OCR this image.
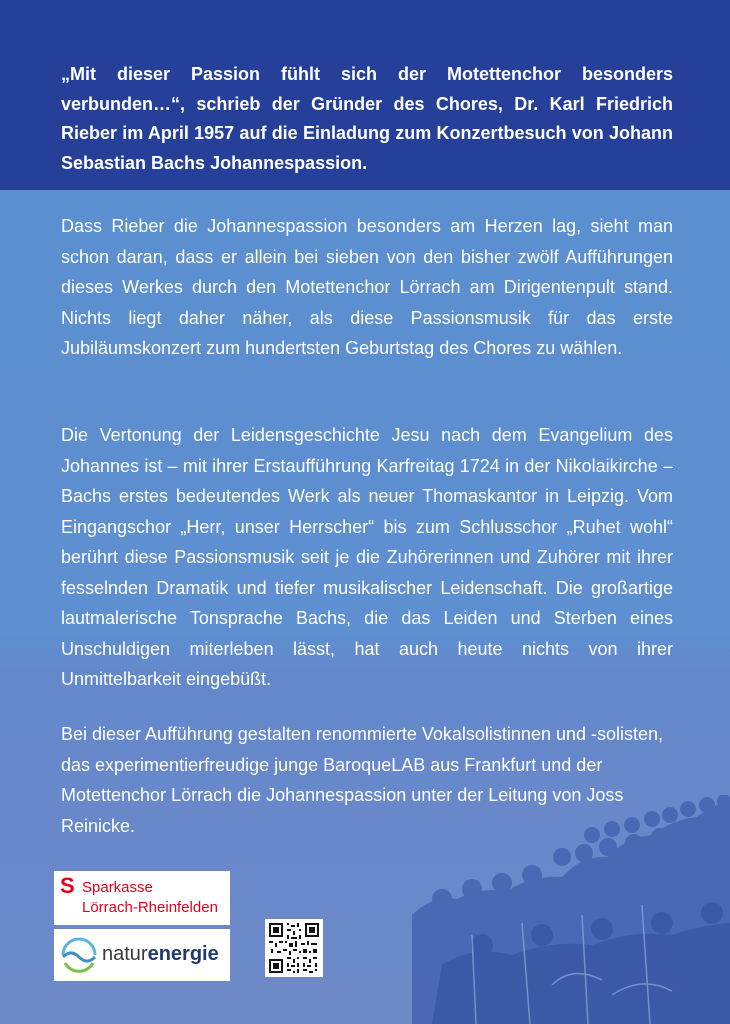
„Mit dieser Passion fühlt sich der Motettenchor besonders verbunden…“, schrieb der Gründer des Chores, Dr. Karl Friedrich Rieber im April 1957 auf die Einladung zum Konzertbesuch von Johann Sebastian Bachs Johannespassion.

Dass Rieber die Johannespassion besonders am Herzen lag, sieht man schon daran, dass er allein bei sieben von den bisher zwölf Aufführungen dieses Werkes durch den Motettenchor Lörrach am Dirigentenpult stand. Nichts liegt daher näher, als diese Passionsmusik für das erste Jubiläumskonzert zum hundertsten Geburtstag des Chores zu wählen.

Die Vertonung der Leidensgeschichte Jesu nach dem Evangelium des Johannes ist – mit ihrer Erstaufführung Karfreitag 1724 in der Nikolaikirche – Bachs erstes bedeutendes Werk als neuer Thomaskantor in Leipzig. Vom Eingangschor „Herr, unser Herrscher“ bis zum Schlusschor „Ruhet wohl“ berührt diese Passionsmusik seit je die Zuhörerinnen und Zuhörer mit ihrer fesselnden Dramatik und tiefer musikalischer Leidenschaft. Die großartige lautmalerische Tonsprache Bachs, die das Leiden und Sterben eines Unschuldigen miterleben lässt, hat auch heute nichts von ihrer Unmittelbarkeit eingebüßt.

Bei dieser Aufführung gestalten renommierte Vokalsolistinnen und -solisten, das experimentierfreudige junge BaroqueLAB aus Frankfurt und der Motettenchor Lörrach die Johannespassion unter der Leitung von Joss Reinicke.

S Sparkasse
Lörrach-Rheinfelden
naturenergie
